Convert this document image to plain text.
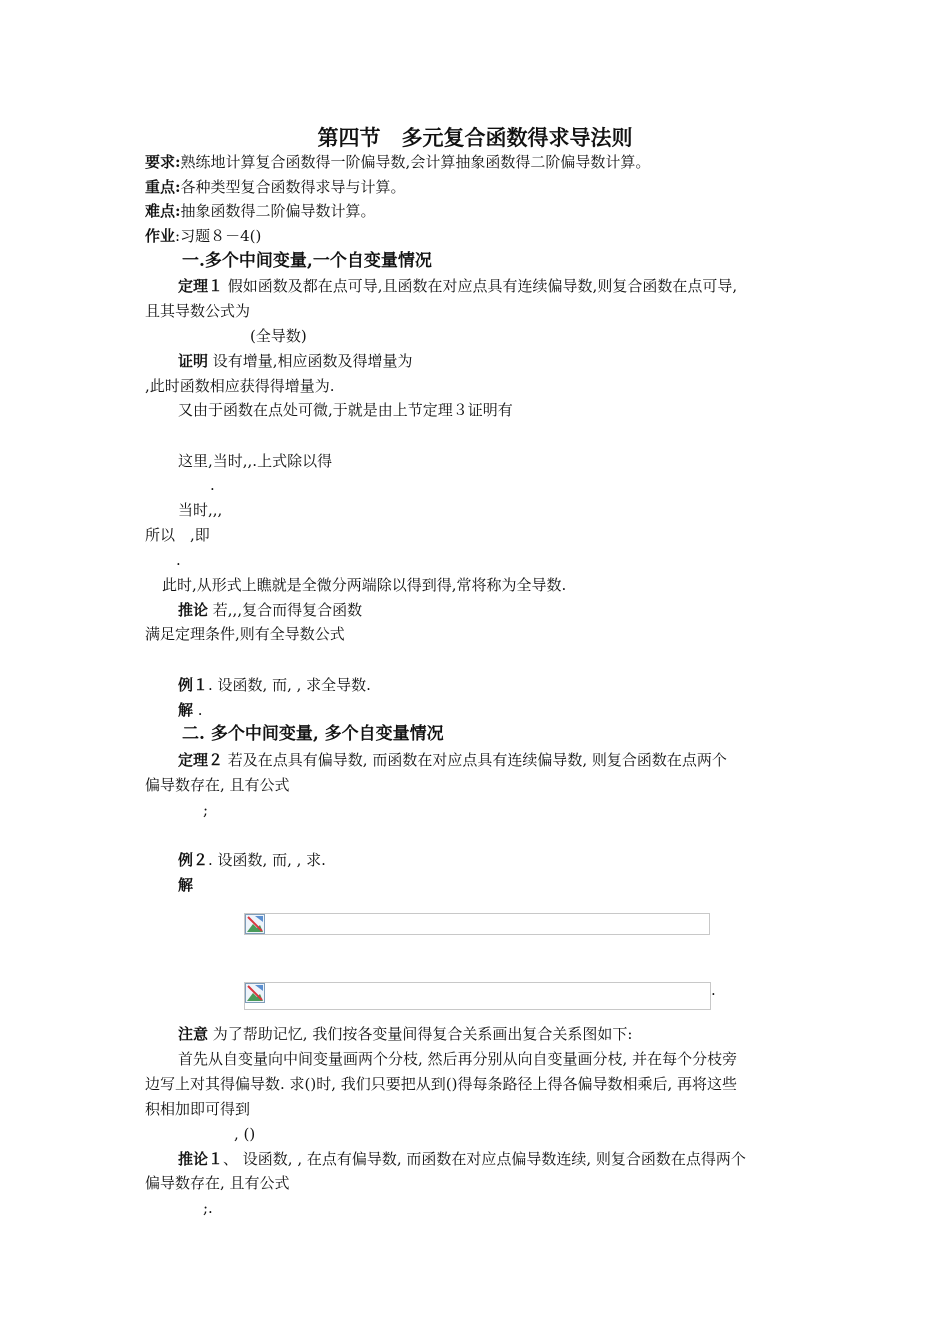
第四节　多元复合函数得求导法则
要求:熟练地计算复合函数得一阶偏导数,会计算抽象函数得二阶偏导数计算。
重点:各种类型复合函数得求导与计算。
难点:抽象函数得二阶偏导数计算。
作业:习题８－4()
一.多个中间变量,一个自变量情况
定理１ 假如函数及都在点可导,且函数在对应点具有连续偏导数,则复合函数在点可导,
且其导数公式为
(全导数)
证明 设有增量,相应函数及得增量为
,此时函数相应获得得增量为.
又由于函数在点处可微,于就是由上节定理３证明有
这里,当时,,.上式除以得
.
当时,,,
所以　,即
.
此时,从形式上瞧就是全微分两端除以得到得,常将称为全导数.
推论 若,,,复合而得复合函数
满足定理条件,则有全导数公式
例１. 设函数, 而, , 求全导数.
解 .
二. 多个中间变量, 多个自变量情况
定理２ 若及在点具有偏导数, 而函数在对应点具有连续偏导数, 则复合函数在点两个
偏导数存在, 且有公式
;
例２. 设函数, 而, , 求.
解
.
注意 为了帮助记忆, 我们按各变量间得复合关系画出复合关系图如下:
首先从自变量向中间变量画两个分枝, 然后再分别从向自变量画分枝, 并在每个分枝旁
边写上对其得偏导数. 求()时, 我们只要把从到()得每条路径上得各偏导数相乘后, 再将这些
积相加即可得到
, ()
推论１、 设函数, , 在点有偏导数, 而函数在对应点偏导数连续, 则复合函数在点得两个
偏导数存在, 且有公式
;.
